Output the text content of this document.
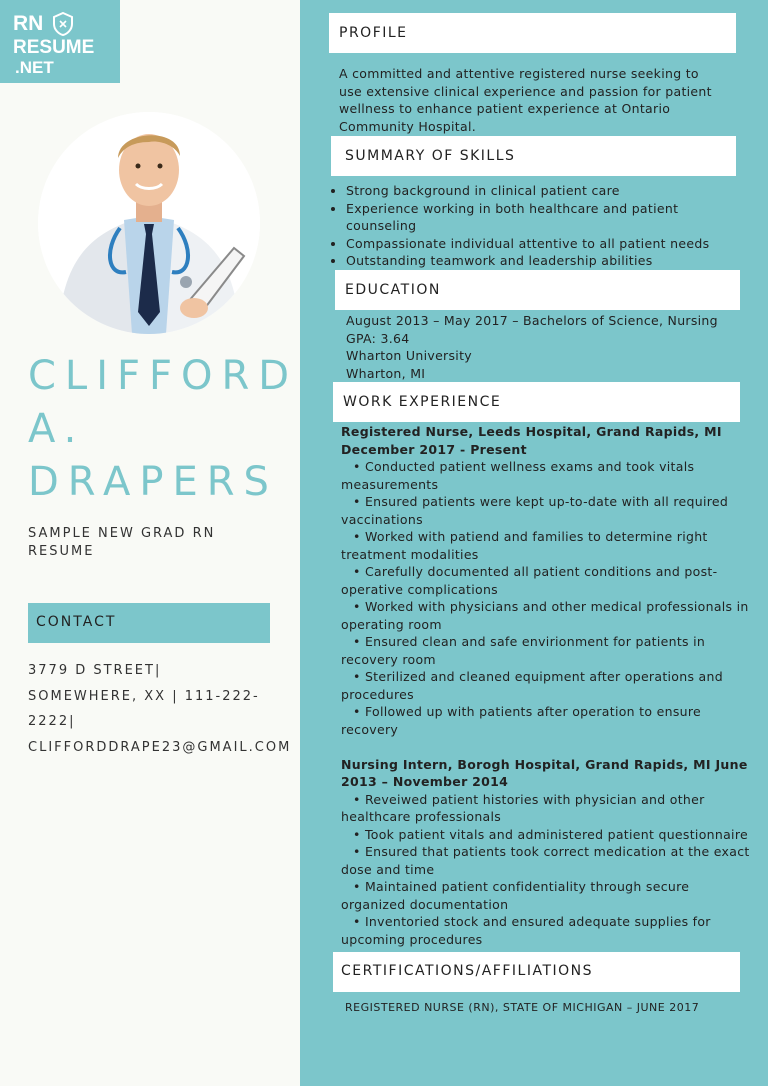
RN
RESUME
.NET
CLIFFORD
A.
DRAPERS
SAMPLE NEW GRAD RN RESUME
CONTACT
3779 D STREET| SOMEWHERE, XX | 111-222-2222| CLIFFORDDRAPE23@GMAIL.COM
PROFILE
A committed and attentive registered nurse seeking to use extensive clinical experience and passion for patient wellness to enhance patient experience at Ontario Community Hospital.
SUMMARY OF SKILLS
• Strong background in clinical patient care
• Experience working in both healthcare and patient counseling
• Compassionate individual attentive to all patient needs
• Outstanding teamwork and leadership abilities
EDUCATION
August 2013 – May 2017 – Bachelors of Science, Nursing
GPA: 3.64
Wharton University
Wharton, MI
WORK EXPERIENCE
Registered Nurse, Leeds Hospital, Grand Rapids, MI December 2017 - Present
• Conducted patient wellness exams and took vitals measurements
• Ensured patients were kept up-to-date with all required vaccinations
• Worked with patiend and families to determine right treatment modalities
• Carefully documented all patient conditions and post-operative complications
• Worked with physicians and other medical professionals in operating room
• Ensured clean and safe envirionment for patients in recovery room
• Sterilized and cleaned equipment after operations and procedures
• Followed up with patients after operation to ensure recovery
Nursing Intern, Borogh Hospital, Grand Rapids, MI June 2013 – November 2014
• Reveiwed patient histories with physician and other healthcare professionals
• Took patient vitals and administered patient questionnaire
• Ensured that patients took correct medication at the exact dose and time
• Maintained patient confidentiality through secure organized documentation
• Inventoried stock and ensured adequate supplies for upcoming procedures
CERTIFICATIONS/AFFILIATIONS
REGISTERED NURSE (RN), STATE OF MICHIGAN – JUNE 2017
